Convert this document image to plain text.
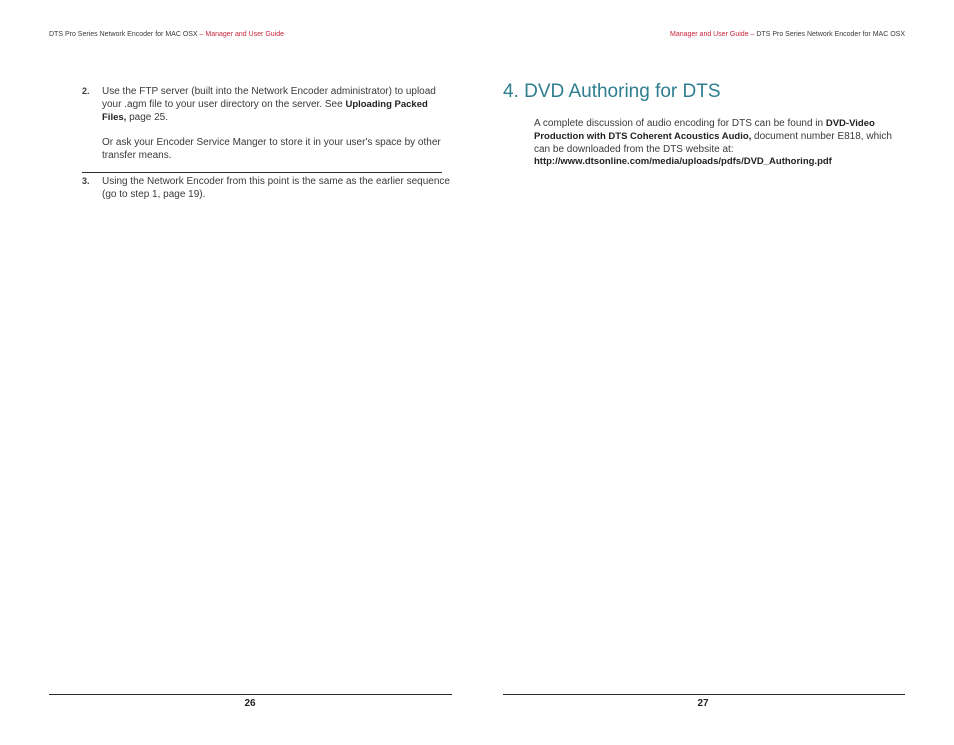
DTS Pro Series Network Encoder for MAC OSX – Manager and User Guide
2. Use the FTP server (built into the Network Encoder administrator) to upload your .agm file to your user directory on the server. See Uploading Packed Files, page 25.
Or ask your Encoder Service Manger to store it in your user's space by other transfer means.
3. Using the Network Encoder from this point is the same as the earlier sequence (go to step 1, page 19).
26
Manager and User Guide – DTS Pro Series Network Encoder for MAC OSX
4. DVD Authoring for DTS
A complete discussion of audio encoding for DTS can be found in DVD-Video Production with DTS Coherent Acoustics Audio, document number E818, which can be downloaded from the DTS website at:
http://www.dtsonline.com/media/uploads/pdfs/DVD_Authoring.pdf
27
